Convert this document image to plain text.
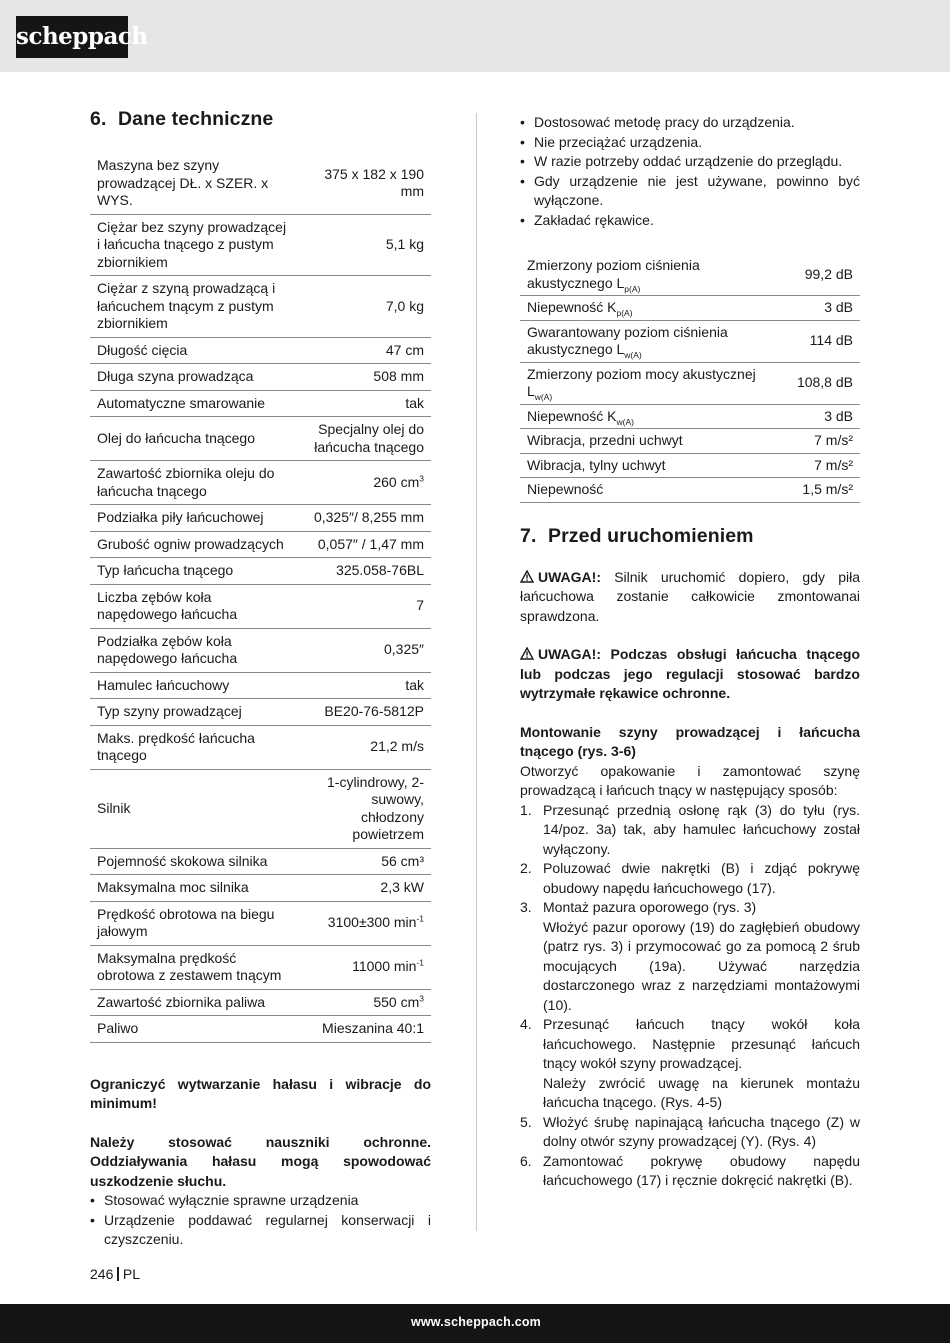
scheppach
6. Dane techniczne
Maszyna bez szyny prowadzącej DŁ. x SZER. x WYS.	375 x 182 x 190 mm
Ciężar bez szyny prowadzącej i łańcucha tnącego z pustym zbiornikiem	5,1 kg
Ciężar z szyną prowadzącą i łańcuchem tnącym z pustym zbiornikiem	7,0 kg
Długość cięcia	47 cm
Długa szyna prowadząca	508 mm
Automatyczne smarowanie	tak
Olej do łańcucha tnącego	Specjalny olej do łańcucha tnącego
Zawartość zbiornika oleju do łańcucha tnącego	260 $cm^3$
Podziałka piły łańcuchowej	0,325″/ 8,255 mm
Grubość ogniw prowadzących	0,057″ / 1,47 mm
Typ łańcucha tnącego	325.058-76BL
Liczba zębów koła napędowego łańcucha	7
Podziałka zębów koła napędowego łańcucha	0,325″
Hamulec łańcuchowy	tak
Typ szyny prowadzącej	BE20-76-5812P
Maks. prędkość łańcucha tnącego	21,2 m/s
Silnik	1-cylindrowy, 2-suwowy, chłodzony powietrzem
Pojemność skokowa silnika	56 cm³
Maksymalna moc silnika	2,3 kW
Prędkość obrotowa na biegu jałowym	3100±300 $\min^{-1}$
Maksymalna prędkość obrotowa z zestawem tnącym	11000 $\min^{-1}$
Zawartość zbiornika paliwa	550 $cm^3$
Paliwo	Mieszanina 40:1

Ograniczyć wytwarzanie hałasu i wibracje do minimum!

Należy stosować nauszniki ochronne. Oddziaływania hałasu mogą spowodować uszkodzenie słuchu.

• Stosować wyłącznie sprawne urządzenia
• Urządzenie poddawać regularnej konserwacji i czyszczeniu.
• Dostosować metodę pracy do urządzenia.
• Nie przeciążać urządzenia.
• W razie potrzeby oddać urządzenie do przeglądu.
• Gdy urządzenie nie jest używane, powinno być wyłączone.
• Zakładać rękawice.
Zmierzony poziom ciśnienia akustycznego $L_{p(A)}$	99,2 dB
Niepewność $K_{p(A)}$	3 dB
Gwarantowany poziom ciśnienia akustycznego $L_{w(A)}$	114 dB
Zmierzony poziom mocy akustycznej $L_{w(A)}$	108,8 dB
Niepewność $K_{w(A)}$	3 dB
Wibracja, przedni uchwyt	7 m/s²
Wibracja, tylny uchwyt	7 m/s²
Niepewność	1,5 m/s²
7. Przed uruchomieniem

UWAGA!: Silnik uruchomić dopiero, gdy piła łańcuchowa zostanie całkowicie zmontowanai sprawdzona.

UWAGA!: Podczas obsługi łańcucha tnącego lub podczas jego regulacji stosować bardzo wytrzymałe rękawice ochronne.

Montowanie szyny prowadzącej i łańcucha tnącego (rys. 3-6)

Otworzyć opakowanie i zamontować szynę prowadzącą i łańcuch tnący w następujący sposób:

1. Przesunąć przednią osłonę rąk (3) do tyłu (rys. 14/poz. 3a) tak, aby hamulec łańcuchowy został wyłączony.
2. Poluzować dwie nakrętki (B) i zdjąć pokrywę obudowy napędu łańcuchowego (17).
3. Montaż pazura oporowego (rys. 3)
Włożyć pazur oporowy (19) do zagłębień obudowy (patrz rys. 3) i przymocować go za pomocą 2 śrub mocujących (19a). Używać narzędzia dostarczonego wraz z narzędziami montażowymi (10).
4. Przesunąć łańcuch tnący wokół koła łańcuchowego. Następnie przesunąć łańcuch tnący wokół szyny prowadzącej.
Należy zwrócić uwagę na kierunek montażu łańcucha tnącego. (Rys. 4-5)
5. Włożyć śrubę napinającą łańcucha tnącego (Z) w dolny otwór szyny prowadzącej (Y). (Rys. 4)
6. Zamontować pokrywę obudowy napędu łańcuchowego (17) i ręcznie dokręcić nakrętki (B).
246 PL
www.scheppach.com
